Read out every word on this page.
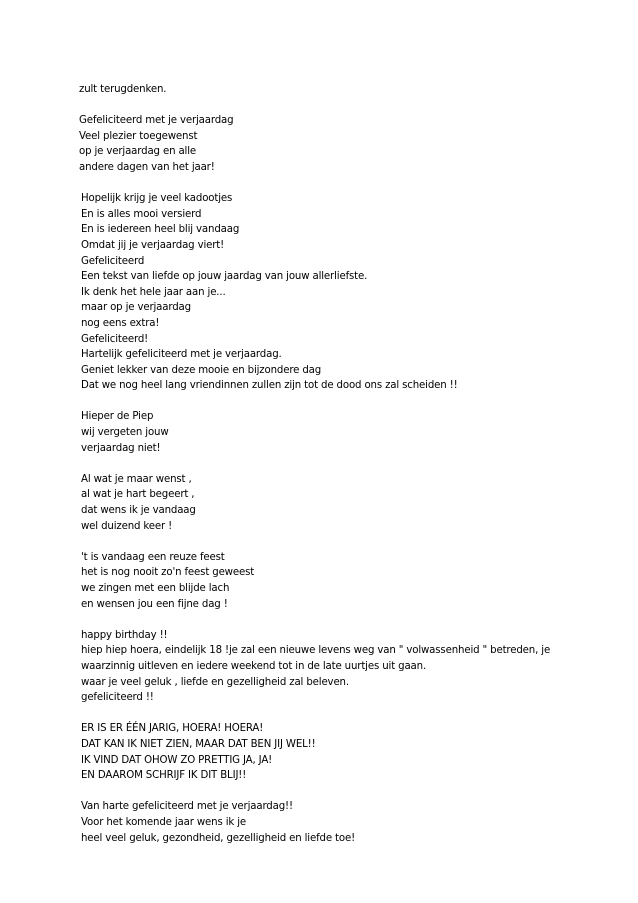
zult terugdenken.
Gefeliciteerd met je verjaardag
Veel plezier toegewenst
op je verjaardag en alle
andere dagen van het jaar!
Hopelijk krijg je veel kadootjes
En is alles mooi versierd
En is iedereen heel blij vandaag
Omdat jij je verjaardag viert!
Gefeliciteerd
Een tekst van liefde op jouw jaardag van jouw allerliefste.
Ik denk het hele jaar aan je...
maar op je verjaardag
nog eens extra!
Gefeliciteerd!
Hartelijk gefeliciteerd met je verjaardag.
Geniet lekker van deze mooie en bijzondere dag
Dat we nog heel lang vriendinnen zullen zijn tot de dood ons zal scheiden !!
Hieper de Piep
wij vergeten jouw
verjaardag niet!
Al wat je maar wenst ,
al wat je hart begeert ,
dat wens ik je vandaag
wel duizend keer !
't is vandaag een reuze feest
het is nog nooit zo'n feest geweest
we zingen met een blijde lach
en wensen jou een fijne dag !
happy birthday !!
hiep hiep hoera, eindelijk 18 !je zal een nieuwe levens weg van " volwassenheid " betreden, je
waarzinnig uitleven en iedere weekend tot in de late uurtjes uit gaan.
waar je veel geluk , liefde en gezelligheid zal beleven.
gefeliciteerd !!
ER IS ER ÉÉN JARIG, HOERA! HOERA!
DAT KAN IK NIET ZIEN, MAAR DAT BEN JIJ WEL!!
IK VIND DAT OHOW ZO PRETTIG JA, JA!
EN DAAROM SCHRIJF IK DIT BLIJ!!
Van harte gefeliciteerd met je verjaardag!!
Voor het komende jaar wens ik je
heel veel geluk, gezondheid, gezelligheid en liefde toe!
